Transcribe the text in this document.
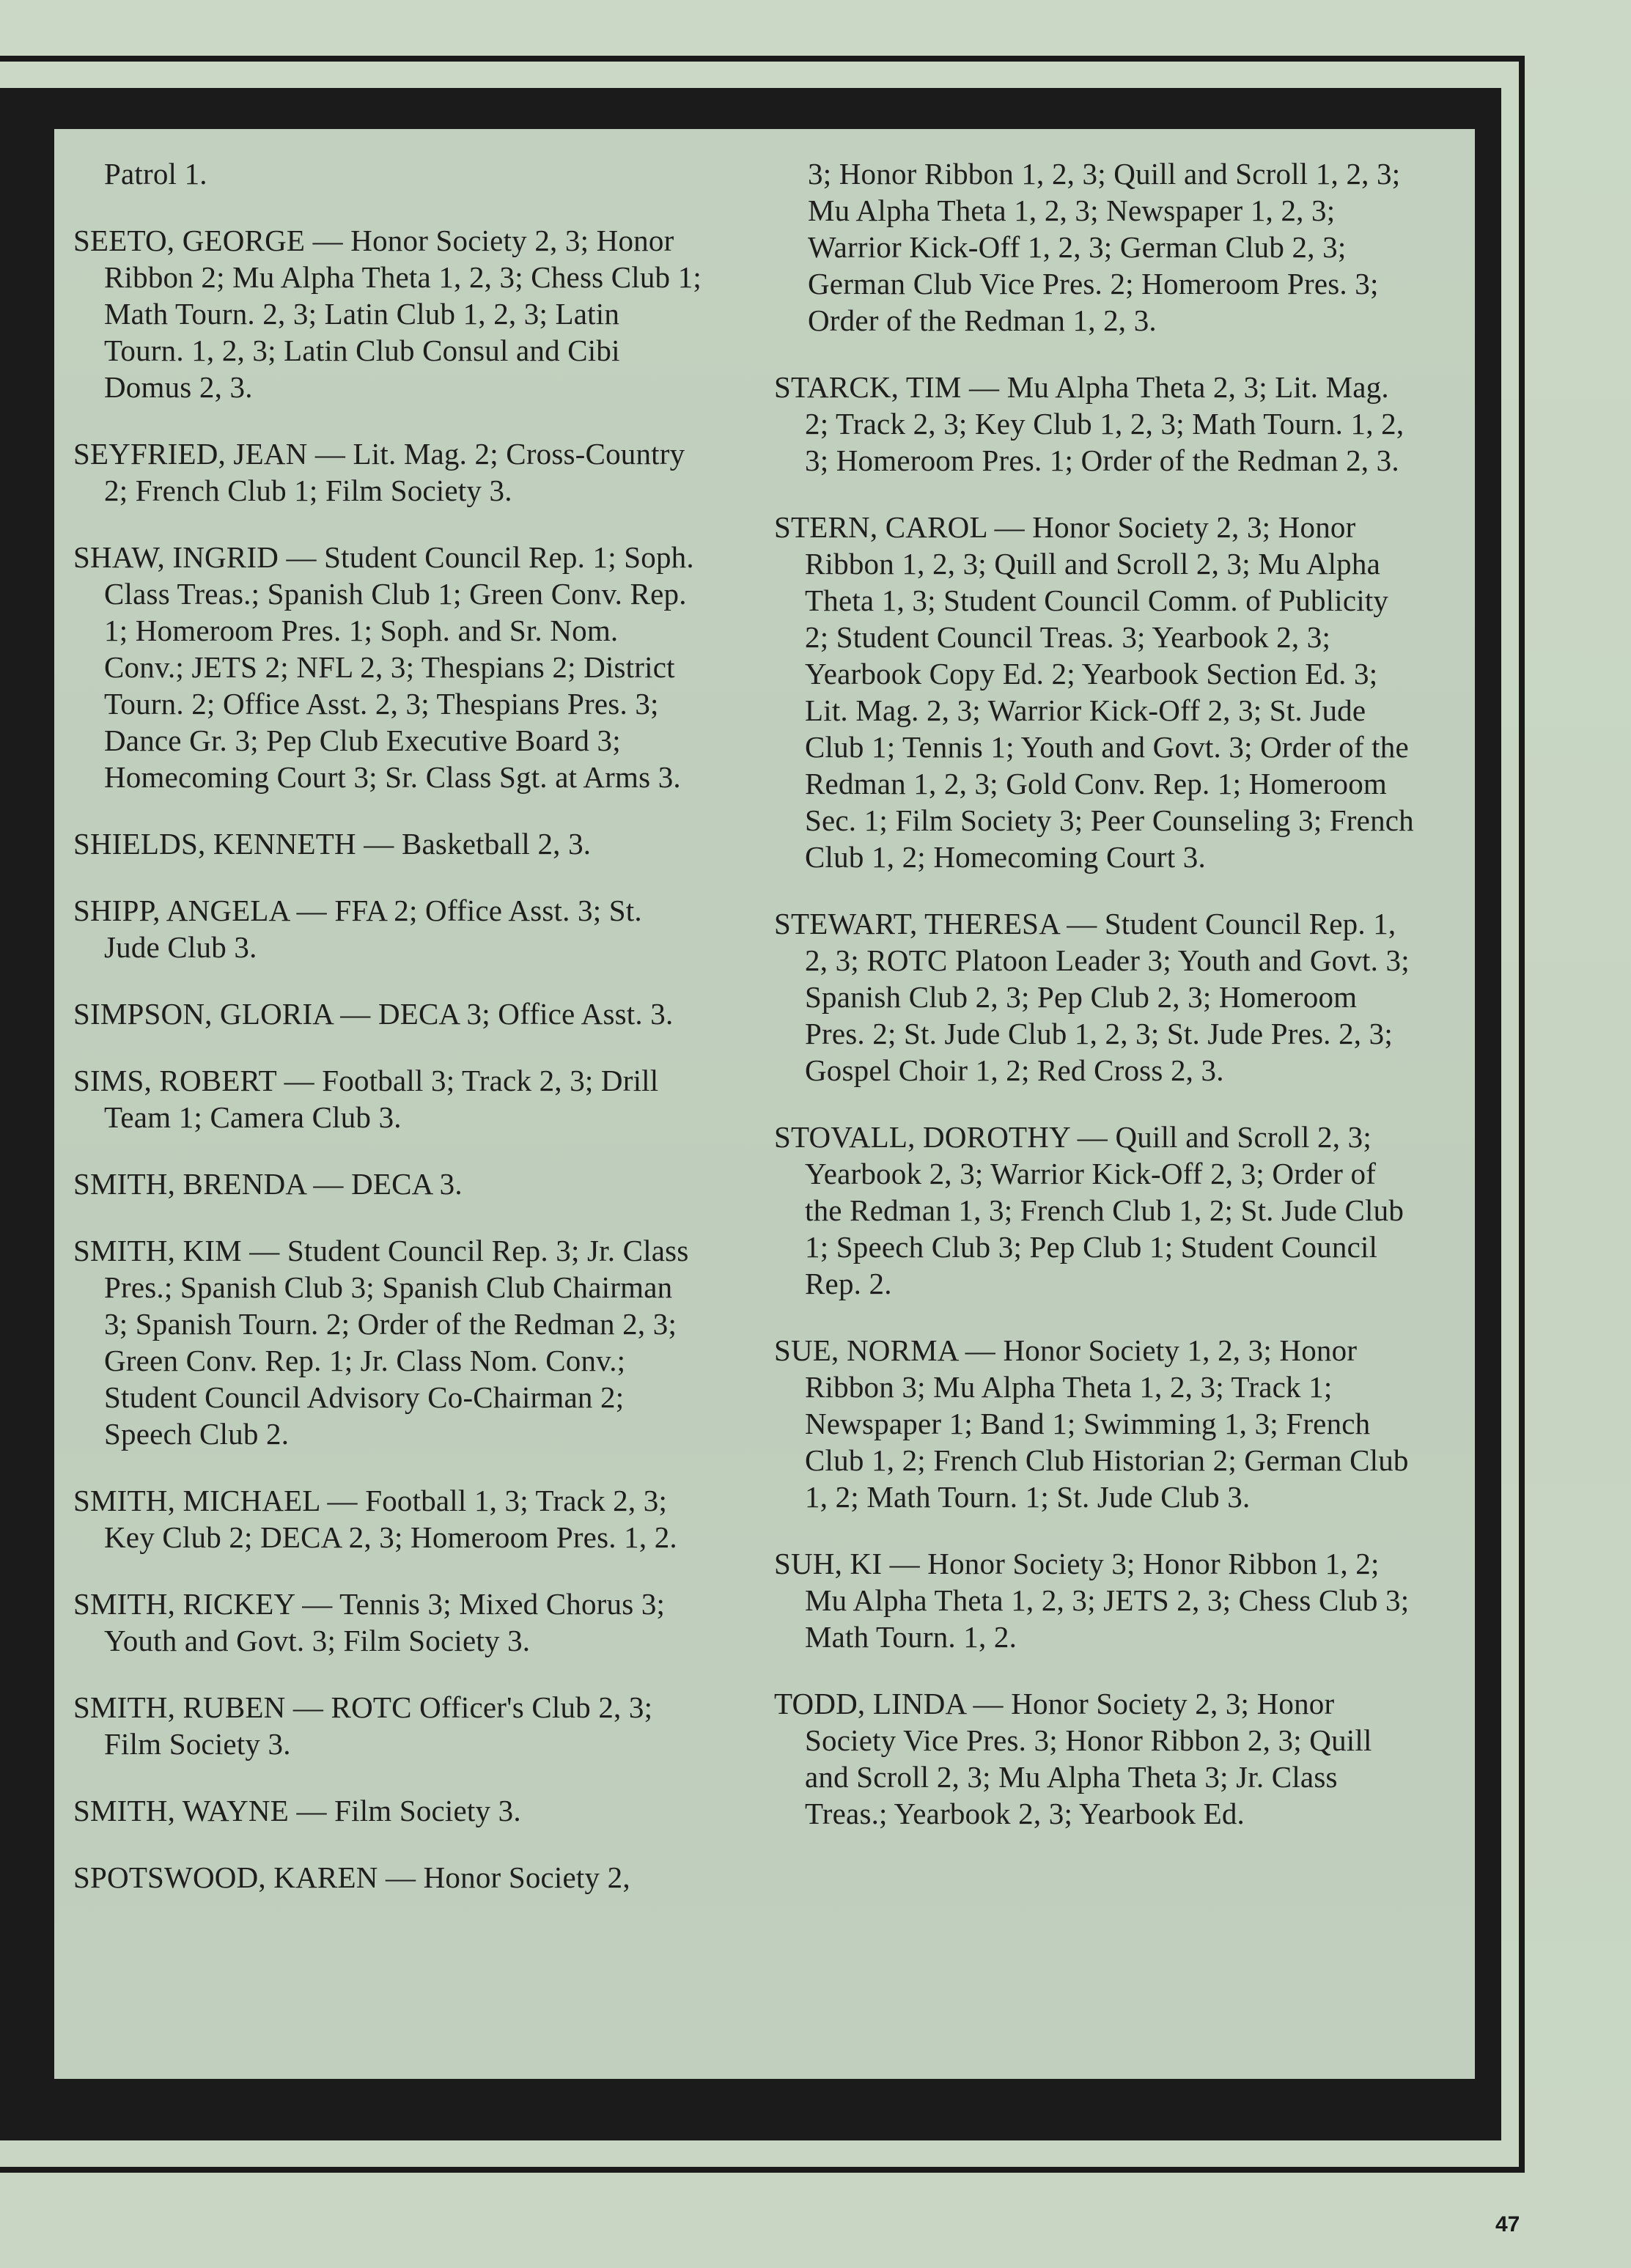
Patrol 1.

SEETO, GEORGE — Honor Society 2, 3; Honor Ribbon 2; Mu Alpha Theta 1, 2, 3; Chess Club 1; Math Tourn. 2, 3; Latin Club 1, 2, 3; Latin Tourn. 1, 2, 3; Latin Club Consul and Cibi Domus 2, 3.

SEYFRIED, JEAN — Lit. Mag. 2; Cross-Country 2; French Club 1; Film Society 3.

SHAW, INGRID — Student Council Rep. 1; Soph. Class Treas.; Spanish Club 1; Green Conv. Rep. 1; Homeroom Pres. 1; Soph. and Sr. Nom. Conv.; JETS 2; NFL 2, 3; Thespians 2; District Tourn. 2; Office Asst. 2, 3; Thespians Pres. 3; Dance Gr. 3; Pep Club Executive Board 3; Homecoming Court 3; Sr. Class Sgt. at Arms 3.

SHIELDS, KENNETH — Basketball 2, 3.

SHIPP, ANGELA — FFA 2; Office Asst. 3; St. Jude Club 3.

SIMPSON, GLORIA — DECA 3; Office Asst. 3.

SIMS, ROBERT — Football 3; Track 2, 3; Drill Team 1; Camera Club 3.

SMITH, BRENDA — DECA 3.

SMITH, KIM — Student Council Rep. 3; Jr. Class Pres.; Spanish Club 3; Spanish Club Chairman 3; Spanish Tourn. 2; Order of the Redman 2, 3; Green Conv. Rep. 1; Jr. Class Nom. Conv.; Student Council Advisory Co-Chairman 2; Speech Club 2.

SMITH, MICHAEL — Football 1, 3; Track 2, 3; Key Club 2; DECA 2, 3; Homeroom Pres. 1, 2.

SMITH, RICKEY — Tennis 3; Mixed Chorus 3; Youth and Govt. 3; Film Society 3.

SMITH, RUBEN — ROTC Officer's Club 2, 3; Film Society 3.

SMITH, WAYNE — Film Society 3.

SPOTSWOOD, KAREN — Honor Society 2,

3; Honor Ribbon 1, 2, 3; Quill and Scroll 1, 2, 3; Mu Alpha Theta 1, 2, 3; Newspaper 1, 2, 3; Warrior Kick-Off 1, 2, 3; German Club 2, 3; German Club Vice Pres. 2; Homeroom Pres. 3; Order of the Redman 1, 2, 3.

STARCK, TIM — Mu Alpha Theta 2, 3; Lit. Mag. 2; Track 2, 3; Key Club 1, 2, 3; Math Tourn. 1, 2, 3; Homeroom Pres. 1; Order of the Redman 2, 3.

STERN, CAROL — Honor Society 2, 3; Honor Ribbon 1, 2, 3; Quill and Scroll 2, 3; Mu Alpha Theta 1, 3; Student Council Comm. of Publicity 2; Student Council Treas. 3; Yearbook 2, 3; Yearbook Copy Ed. 2; Yearbook Section Ed. 3; Lit. Mag. 2, 3; Warrior Kick-Off 2, 3; St. Jude Club 1; Tennis 1; Youth and Govt. 3; Order of the Redman 1, 2, 3; Gold Conv. Rep. 1; Homeroom Sec. 1; Film Society 3; Peer Counseling 3; French Club 1, 2; Homecoming Court 3.

STEWART, THERESA — Student Council Rep. 1, 2, 3; ROTC Platoon Leader 3; Youth and Govt. 3; Spanish Club 2, 3; Pep Club 2, 3; Homeroom Pres. 2; St. Jude Club 1, 2, 3; St. Jude Pres. 2, 3; Gospel Choir 1, 2; Red Cross 2, 3.

STOVALL, DOROTHY — Quill and Scroll 2, 3; Yearbook 2, 3; Warrior Kick-Off 2, 3; Order of the Redman 1, 3; French Club 1, 2; St. Jude Club 1; Speech Club 3; Pep Club 1; Student Council Rep. 2.

SUE, NORMA — Honor Society 1, 2, 3; Honor Ribbon 3; Mu Alpha Theta 1, 2, 3; Track 1; Newspaper 1; Band 1; Swimming 1, 3; French Club 1, 2; French Club Historian 2; German Club 1, 2; Math Tourn. 1; St. Jude Club 3.

SUH, KI — Honor Society 3; Honor Ribbon 1, 2; Mu Alpha Theta 1, 2, 3; JETS 2, 3; Chess Club 3; Math Tourn. 1, 2.

TODD, LINDA — Honor Society 2, 3; Honor Society Vice Pres. 3; Honor Ribbon 2, 3; Quill and Scroll 2, 3; Mu Alpha Theta 3; Jr. Class Treas.; Yearbook 2, 3; Yearbook Ed.

47
